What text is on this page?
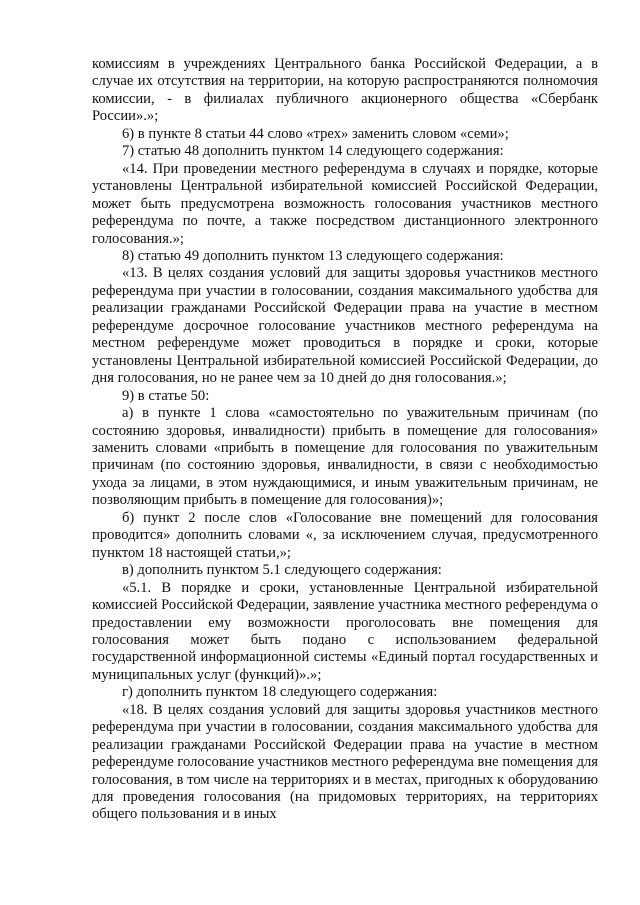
комиссиям в учреждениях Центрального банка Российской Федерации, а в случае их отсутствия на территории, на которую распространяются полномочия комиссии, - в филиалах публичного акционерного общества «Сбербанк России».»;

6) в пункте 8 статьи 44 слово «трех» заменить словом «семи»;

7) статью 48 дополнить пунктом 14 следующего содержания:

«14. При проведении местного референдума в случаях и порядке, которые установлены Центральной избирательной комиссией Российской Федерации, может быть предусмотрена возможность голосования участников местного референдума по почте, а также посредством дистанционного электронного голосования.»;

8) статью 49 дополнить пунктом 13 следующего содержания:

«13. В целях создания условий для защиты здоровья участников местного референдума при участии в голосовании, создания максимального удобства для реализации гражданами Российской Федерации права на участие в местном референдуме досрочное голосование участников местного референдума на местном референдуме может проводиться в порядке и сроки, которые установлены Центральной избирательной комиссией Российской Федерации, до дня голосования, но не ранее чем за 10 дней до дня голосования.»;

9) в статье 50:

а) в пункте 1 слова «самостоятельно по уважительным причинам (по состоянию здоровья, инвалидности) прибыть в помещение для голосования» заменить словами «прибыть в помещение для голосования по уважительным причинам (по состоянию здоровья, инвалидности, в связи с необходимостью ухода за лицами, в этом нуждающимися, и иным уважительным причинам, не позволяющим прибыть в помещение для голосования)»;

б) пункт 2 после слов «Голосование вне помещений для голосования проводится» дополнить словами «, за исключением случая, предусмотренного пунктом 18 настоящей статьи,»;

в) дополнить пунктом 5.1 следующего содержания:

«5.1. В порядке и сроки, установленные Центральной избирательной комиссией Российской Федерации, заявление участника местного референдума о предоставлении ему возможности проголосовать вне помещения для голосования может быть подано с использованием федеральной государственной информационной системы «Единый портал государственных и муниципальных услуг (функций)».»;

г) дополнить пунктом 18 следующего содержания:

«18. В целях создания условий для защиты здоровья участников местного референдума при участии в голосовании, создания максимального удобства для реализации гражданами Российской Федерации права на участие в местном референдуме голосование участников местного референдума вне помещения для голосования, в том числе на территориях и в местах, пригодных к оборудованию для проведения голосования (на придомовых территориях, на территориях общего пользования и в иных
